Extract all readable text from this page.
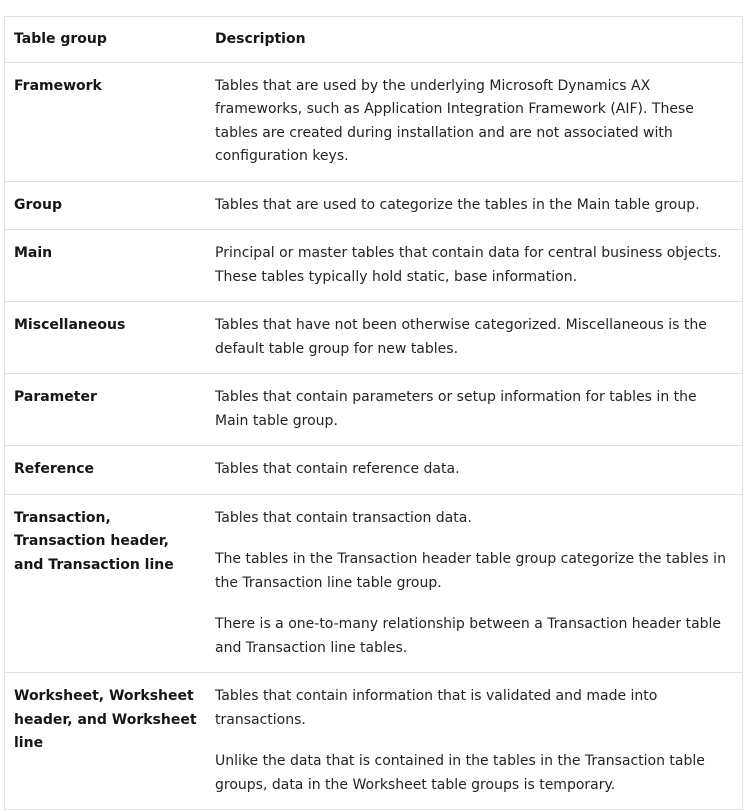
Table group	Description
Framework	Tables that are used by the underlying Microsoft Dynamics AX frameworks, such as Application Integration Framework (AIF). These tables are created during installation and are not associated with configuration keys.

Group	Tables that are used to categorize the tables in the Main table group.

Main	Principal or master tables that contain data for central business objects. These tables typically hold static, base information.

Miscellaneous	Tables that have not been otherwise categorized. Miscellaneous is the default table group for new tables.

Parameter	Tables that contain parameters or setup information for tables in the Main table group.

Reference	Tables that contain reference data.

Transaction, Transaction header, and Transaction line	Tables that contain transaction data.

The tables in the Transaction header table group categorize the tables in the Transaction line table group.

There is a one-to-many relationship between a Transaction header table and Transaction line tables.

Worksheet, Worksheet header, and Worksheet line	Tables that contain information that is validated and made into transactions.

Unlike the data that is contained in the tables in the Transaction table groups, data in the Worksheet table groups is temporary.
